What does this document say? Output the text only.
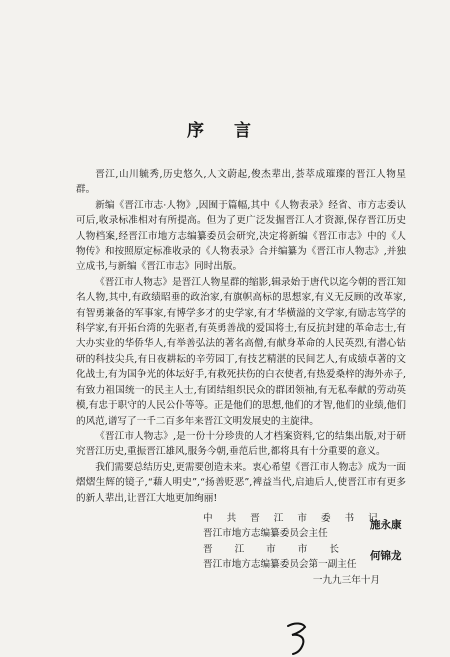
序 言

晋江,山川毓秀,历史悠久,人文蔚起,俊杰辈出,荟萃成璀璨的晋江人物星群。

新编《晋江市志·人物》,因囿于篇幅,其中《人物表录》经省、市方志委认可后,收录标准相对有所提高。但为了更广泛发掘晋江人才资源,保存晋江历史人物档案,经晋江市地方志编纂委员会研究,决定将新编《晋江市志》中的《人物传》和按照原定标准收录的《人物表录》合并编纂为《晋江市人物志》,并独立成书,与新编《晋江市志》同时出版。

《晋江市人物志》是晋江人物星群的缩影,辑录始于唐代以迄今朝的晋江知名人物,其中,有政绩昭垂的政治家,有旗帜高标的思想家,有义无反顾的改革家,有智勇兼备的军事家,有博学多才的史学家,有才华横溢的文学家,有励志笃学的科学家,有开拓台湾的先驱者,有英勇善战的爱国将士,有反抗封建的革命志士,有大办实业的华侨华人,有举善弘法的著名高僧,有献身革命的人民英烈,有潜心钻研的科技尖兵,有日夜耕耘的辛劳园丁,有技艺精湛的民间艺人,有成绩卓著的文化战士,有为国争光的体坛好手,有救死扶伤的白衣使者,有热爱桑梓的海外赤子,有致力祖国统一的民主人士,有团结组织民众的群团领袖,有无私奉献的劳动英模,有忠于职守的人民公仆等等。正是他们的思想,他们的才智,他们的业绩,他们的风范,谱写了一千二百多年来晋江文明发展史的主旋律。

《晋江市人物志》,是一份十分珍贵的人才档案资料,它的结集出版,对于研究晋江历史,重振晋江雄风,服务今朝,垂范后世,都将具有十分重要的意义。

我们需要总结历史,更需要创造未来。衷心希望《晋江市人物志》成为一面熠熠生辉的镜子,“藉人明史”,“扬善贬恶”,裨益当代,启迪后人,使晋江市有更多的新人辈出,让晋江大地更加绚丽!

中共晋江市委书记
晋江市地方志编纂委员会主任
施永康
晋江市市长
晋江市地方志编纂委员会第一副主任
何锦龙
一九九三年十月
